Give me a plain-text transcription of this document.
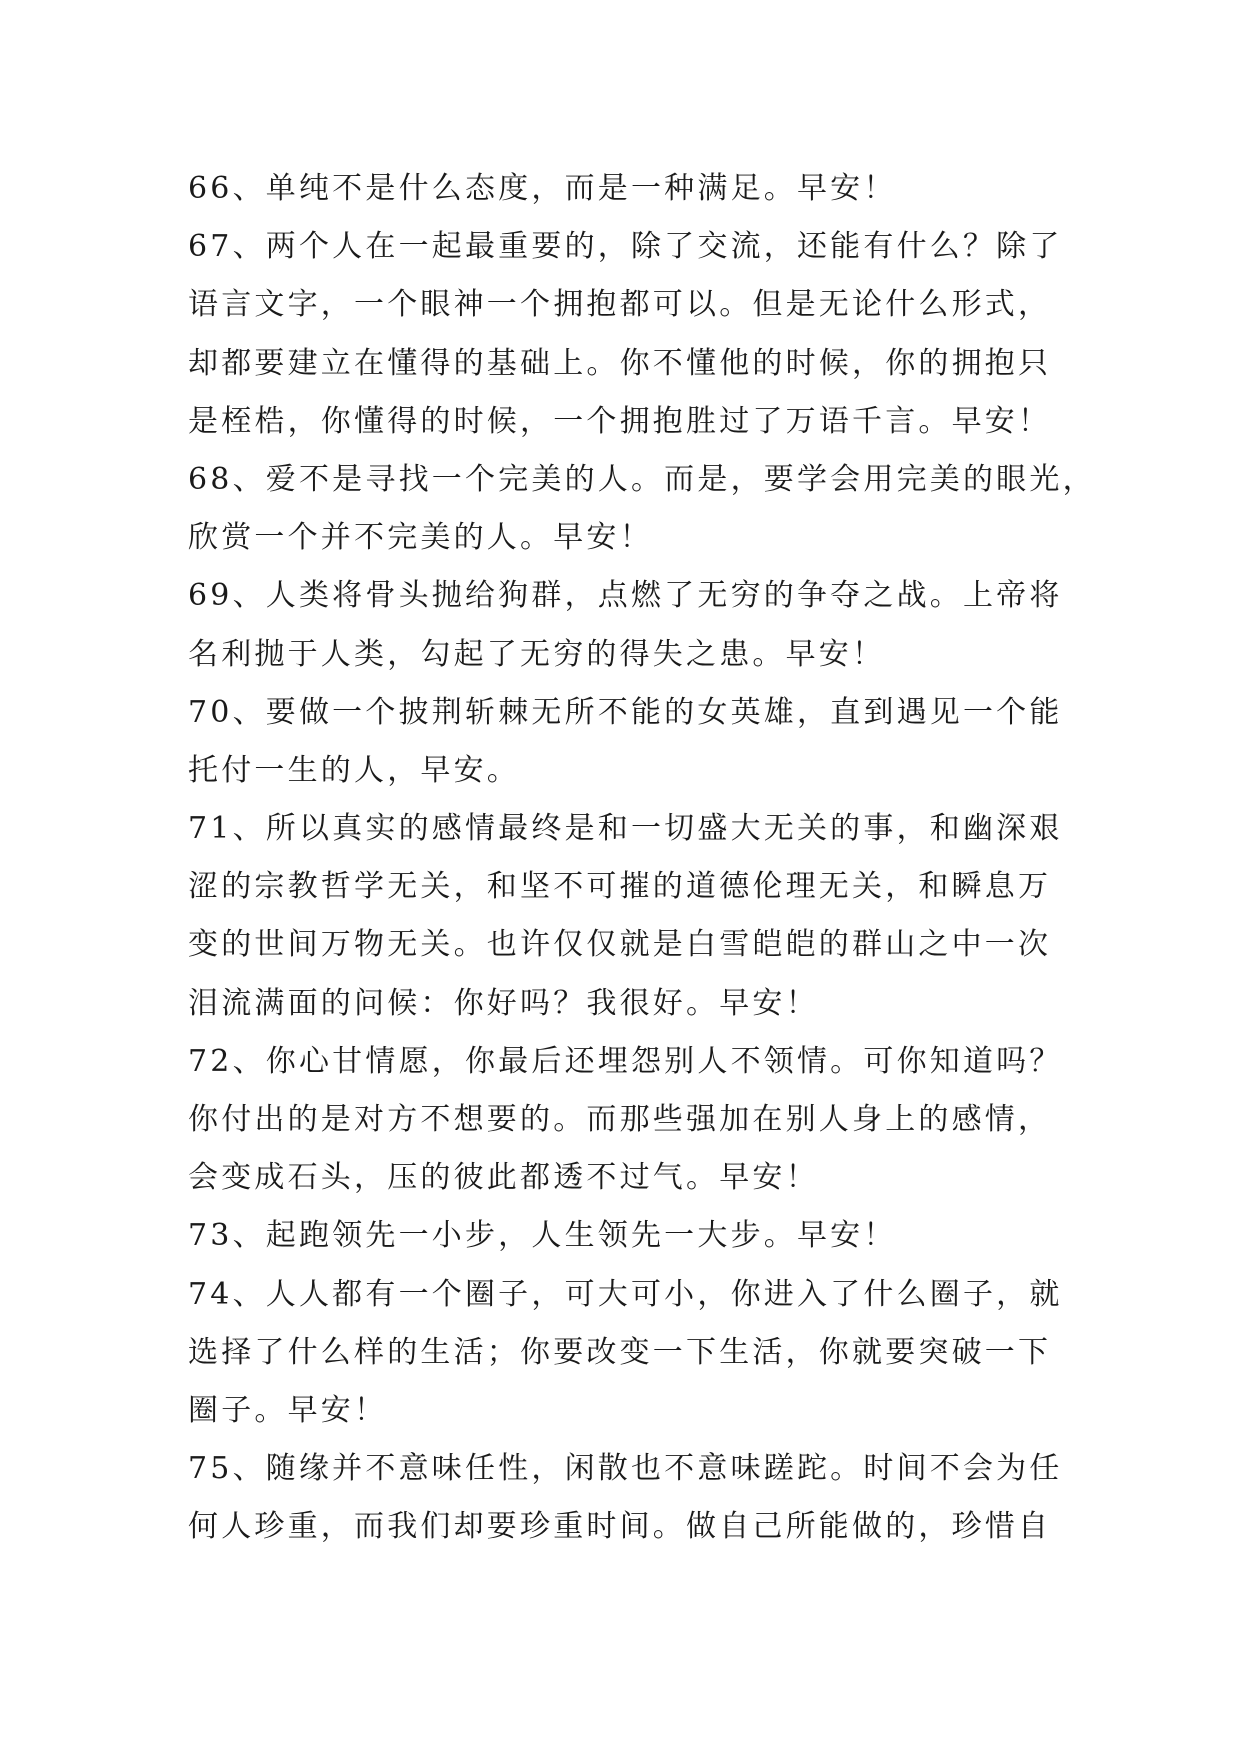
66、单纯不是什么态度，而是一种满足。早安！
67、两个人在一起最重要的，除了交流，还能有什么？除了
语言文字，一个眼神一个拥抱都可以。但是无论什么形式，
却都要建立在懂得的基础上。你不懂他的时候，你的拥抱只
是桎梏，你懂得的时候，一个拥抱胜过了万语千言。早安！
68、爱不是寻找一个完美的人。而是，要学会用完美的眼光，
欣赏一个并不完美的人。早安！
69、人类将骨头抛给狗群，点燃了无穷的争夺之战。上帝将
名利抛于人类，勾起了无穷的得失之患。早安！
70、要做一个披荆斩棘无所不能的女英雄，直到遇见一个能
托付一生的人，早安。
71、所以真实的感情最终是和一切盛大无关的事，和幽深艰
涩的宗教哲学无关，和坚不可摧的道德伦理无关，和瞬息万
变的世间万物无关。也许仅仅就是白雪皑皑的群山之中一次
泪流满面的问候：你好吗？我很好。早安！
72、你心甘情愿，你最后还埋怨别人不领情。可你知道吗？
你付出的是对方不想要的。而那些强加在别人身上的感情，
会变成石头，压的彼此都透不过气。早安！
73、起跑领先一小步，人生领先一大步。早安！
74、人人都有一个圈子，可大可小，你进入了什么圈子，就
选择了什么样的生活；你要改变一下生活，你就要突破一下
圈子。早安！
75、随缘并不意味任性，闲散也不意味蹉跎。时间不会为任
何人珍重，而我们却要珍重时间。做自己所能做的，珍惜自
